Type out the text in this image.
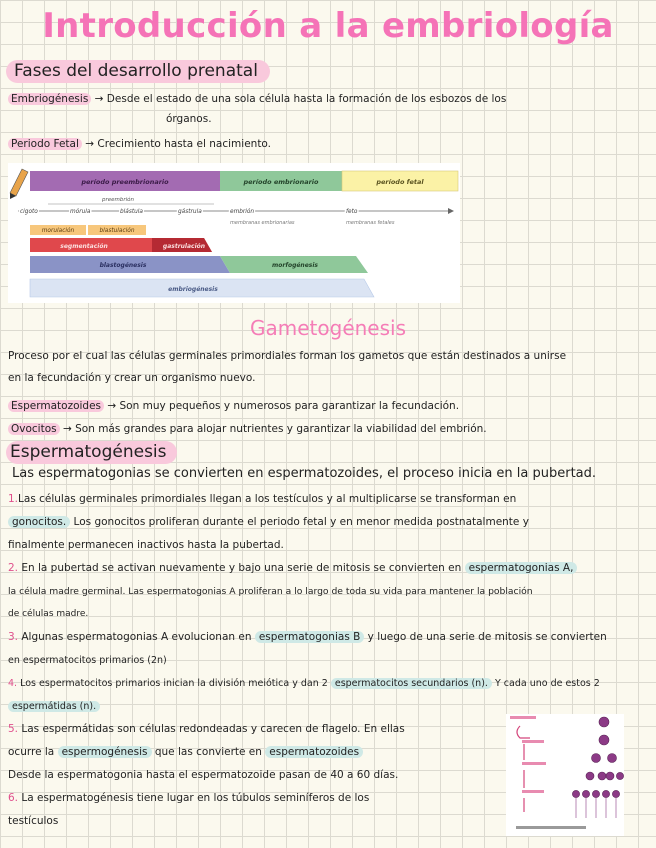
Introducción a la embriología
Fases del desarrollo prenatal
Embriogénesis → Desde el estado de una sola célula hasta la formación de los esbozos de los
órganos.
Periodo Fetal → Crecimiento hasta el nacimiento.
período preembrionario	período embrionario	período fetal
preembrión
cigoto	mórula	blástula	gástrula	embrión	feto
membranas embrionarias	membranas fetales
morulación	blastulación
segmentación	gastrulación
blastogénesis	morfogénesis
embriogénesis
Gametogénesis
Proceso por el cual las células germinales primordiales forman los gametos que están destinados a unirse
en la fecundación y crear un organismo nuevo.
Espermatozoides → Son muy pequeños y numerosos para garantizar la fecundación.
Ovocitos → Son más grandes para alojar nutrientes y garantizar la viabilidad del embrión.
Espermatogénesis
Las espermatogonias se convierten en espermatozoides, el proceso inicia en la pubertad.
1.Las células germinales primordiales llegan a los testículos y al multiplicarse se transforman en
gonocitos. Los gonocitos proliferan durante el periodo fetal y en menor medida postnatalmente y
finalmente permanecen inactivos hasta la pubertad.
2. En la pubertad se activan nuevamente y bajo una serie de mitosis se convierten en espermatogonias A,
la célula madre germinal. Las espermatogonias A proliferan a lo largo de toda su vida para mantener la población
de células madre.
3. Algunas espermatogonias A evolucionan en espermatogonias B y luego de una serie de mitosis se convierten
en espermatocitos primarios (2n)
4. Los espermatocitos primarios inician la división meiótica y dan 2 espermatocitos secundarios (n). Y cada uno de estos 2
espermátidas (n).
5. Las espermátidas son células redondeadas y carecen de flagelo. En ellas
ocurre la espermogénesis que las convierte en espermatozoides
Desde la espermatogonia hasta el espermatozoide pasan de 40 a 60 días.
6. La espermatogénesis tiene lugar en los túbulos seminíferos de los
testículos
